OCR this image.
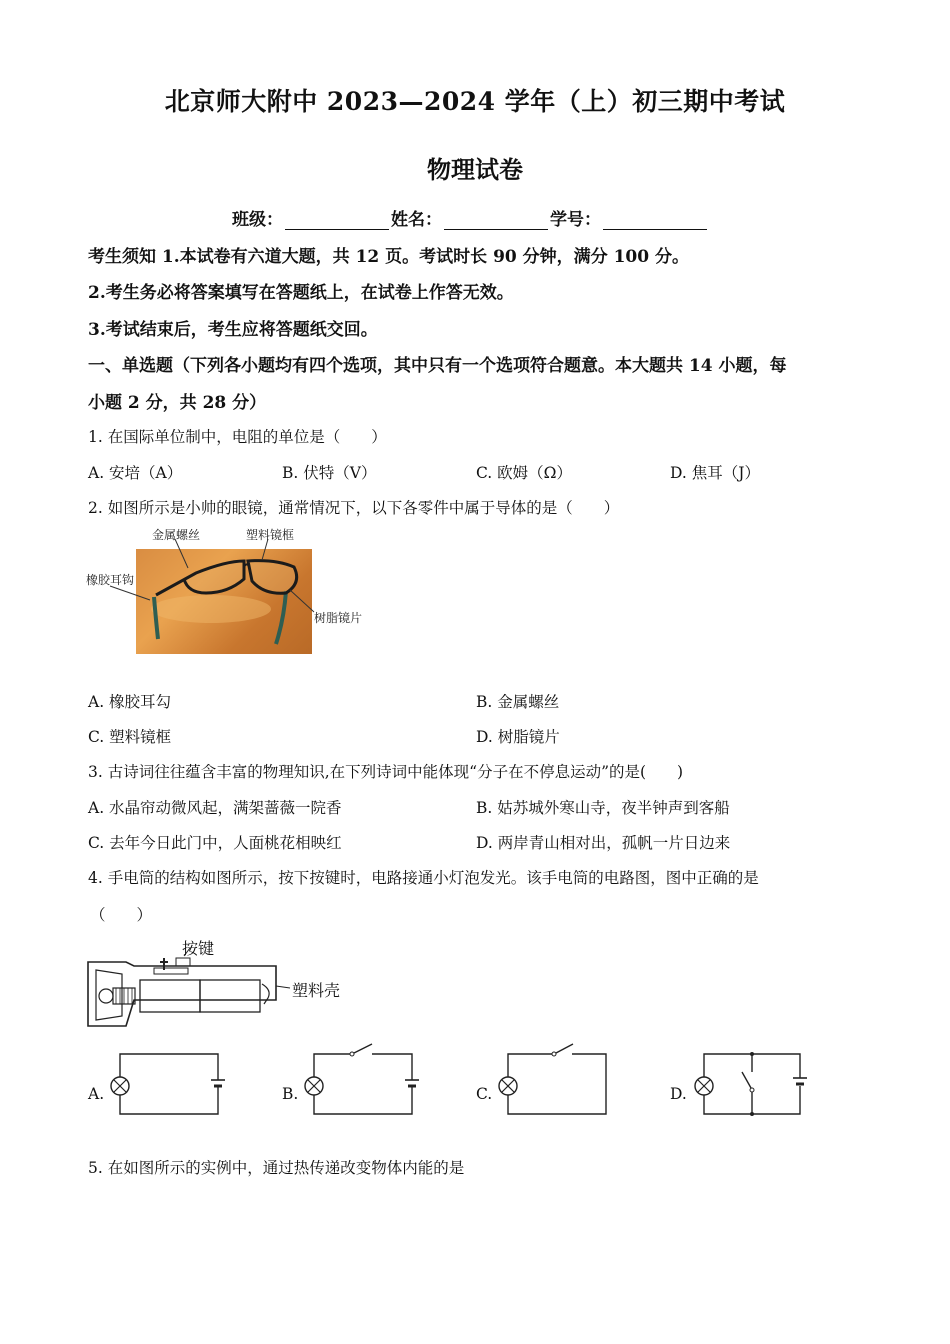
北京师大附中 2023—2024 学年（上）初三期中考试
物理试卷
班级：	姓名：	学号：
考生须知 1.本试卷有六道大题，共 12 页。考试时长 90 分钟，满分 100 分。
2.考生务必将答案填写在答题纸上，在试卷上作答无效。
3.考试结束后，考生应将答题纸交回。
一、单选题（下列各小题均有四个选项，其中只有一个选项符合题意。本大题共 14 小题，每
小题 2 分，共 28 分）
1. 在国际单位制中，电阻的单位是（　　）
A. 安培（A）	B. 伏特（V）	C. 欧姆（Ω）	D. 焦耳（J）
2. 如图所示是小帅的眼镜，通常情况下，以下各零件中属于导体的是（　　）
金属螺丝	塑料镜框
橡胶耳钩
树脂镜片
A. 橡胶耳勾	B. 金属螺丝
C. 塑料镜框	D. 树脂镜片
3. 古诗词往往蕴含丰富的物理知识,在下列诗词中能体现“分子在不停息运动”的是(　　)
A. 水晶帘动微风起，满架蔷薇一院香	B. 姑苏城外寒山寺，夜半钟声到客船
C. 去年今日此门中，人面桃花相映红	D. 两岸青山相对出，孤帆一片日边来
4. 手电筒的结构如图所示，按下按键时，电路接通小灯泡发光。该手电筒的电路图，图中正确的是
（　　）
按键
塑料壳
A.	B.	C.	D.
5. 在如图所示的实例中，通过热传递改变物体内能的是
